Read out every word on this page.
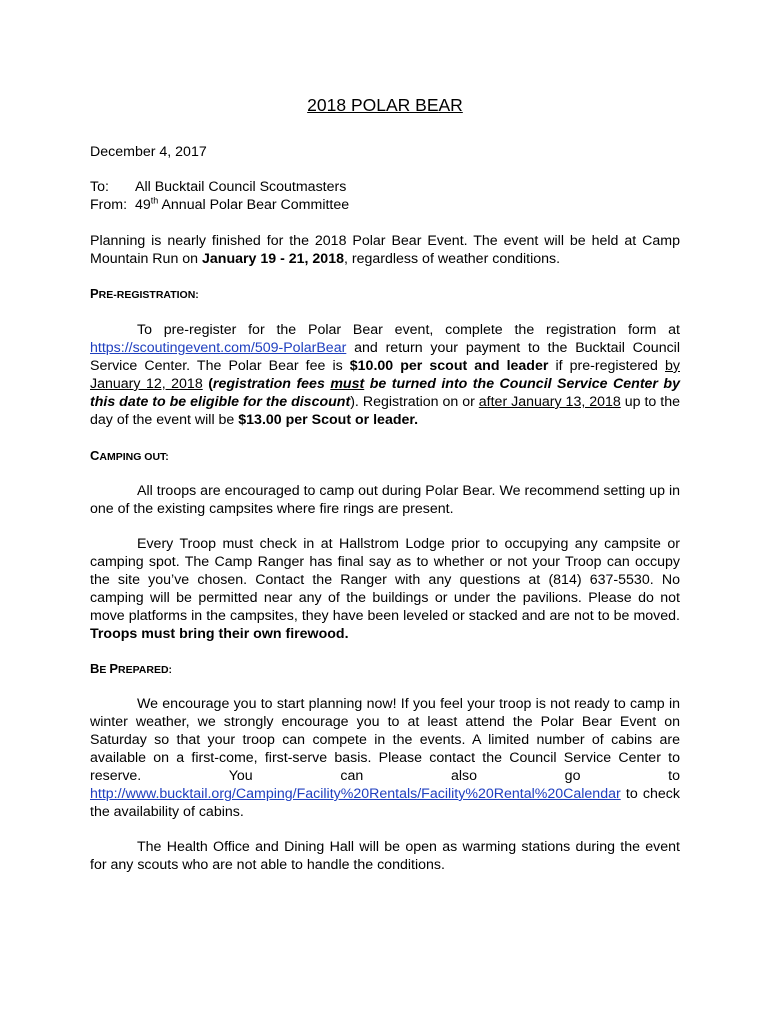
2018 POLAR BEAR
December 4, 2017
To:	All Bucktail Council Scoutmasters
From: 49th Annual Polar Bear Committee
Planning is nearly finished for the 2018 Polar Bear Event. The event will be held at Camp Mountain Run on January 19 - 21, 2018, regardless of weather conditions.
PRE-REGISTRATION:
To pre-register for the Polar Bear event, complete the registration form at https://scoutingevent.com/509-PolarBear and return your payment to the Bucktail Council Service Center. The Polar Bear fee is $10.00 per scout and leader if pre-registered by January 12, 2018 (registration fees must be turned into the Council Service Center by this date to be eligible for the discount). Registration on or after January 13, 2018 up to the day of the event will be $13.00 per Scout or leader.
CAMPING OUT:
All troops are encouraged to camp out during Polar Bear. We recommend setting up in one of the existing campsites where fire rings are present.
Every Troop must check in at Hallstrom Lodge prior to occupying any campsite or camping spot. The Camp Ranger has final say as to whether or not your Troop can occupy the site you’ve chosen. Contact the Ranger with any questions at (814) 637-5530. No camping will be permitted near any of the buildings or under the pavilions. Please do not move platforms in the campsites, they have been leveled or stacked and are not to be moved. Troops must bring their own firewood.
BE PREPARED:
We encourage you to start planning now! If you feel your troop is not ready to camp in winter weather, we strongly encourage you to at least attend the Polar Bear Event on Saturday so that your troop can compete in the events. A limited number of cabins are available on a first-come, first-serve basis. Please contact the Council Service Center to reserve. You can also go to http://www.bucktail.org/Camping/Facility%20Rentals/Facility%20Rental%20Calendar to check the availability of cabins.
The Health Office and Dining Hall will be open as warming stations during the event for any scouts who are not able to handle the conditions.
